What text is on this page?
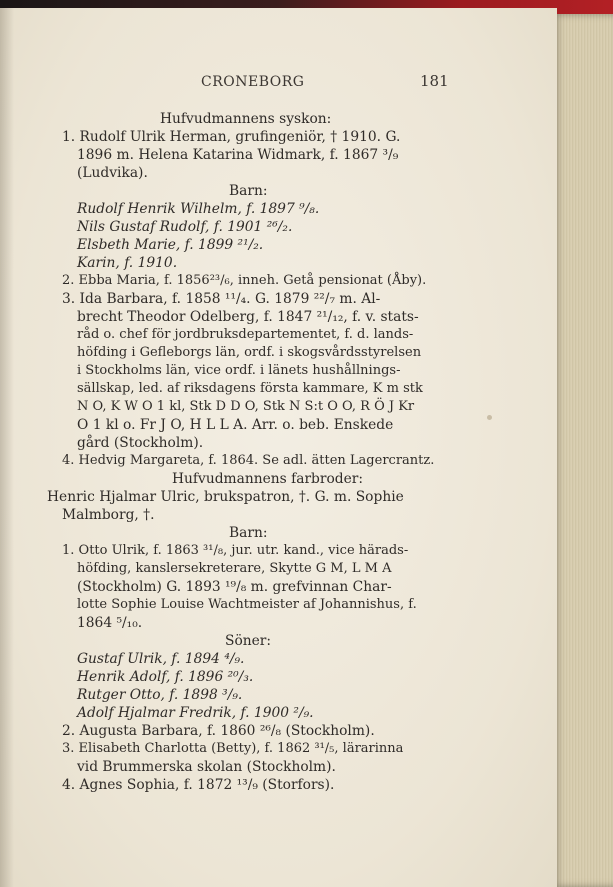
CRONEBORG	181
Hufvudmannens syskon:
1. Rudolf Ulrik Herman, grufingeniör, † 1910. G.
1896 m. Helena Katarina Widmark, f. 1867 ³/₉
(Ludvika).
Barn:
Rudolf Henrik Wilhelm, f. 1897 ⁹/₈.
Nils Gustaf Rudolf, f. 1901 ²⁶/₂.
Elsbeth Marie, f. 1899 ²¹/₂.
Karin, f. 1910.
2. Ebba Maria, f. 1856²³/₆, inneh. Getå pensionat (Åby).
3. Ida Barbara, f. 1858 ¹¹/₄. G. 1879 ²²/₇ m. Al-
brecht Theodor Odelberg, f. 1847 ²¹/₁₂, f. v. stats-
råd o. chef för jordbruksdepartementet, f. d. lands-
höfding i Gefleborgs län, ordf. i skogsvårdsstyrelsen
i Stockholms län, vice ordf. i länets hushållnings-
sällskap, led. af riksdagens första kammare, K m stk
N O, K W O 1 kl, Stk D D O, Stk N S:t O O, R Ö J Kr
O 1 kl o. Fr J O, H L L A. Arr. o. beb. Enskede
gård (Stockholm).
4. Hedvig Margareta, f. 1864. Se adl. ätten Lagercrantz.
Hufvudmannens farbroder:
Henric Hjalmar Ulric, brukspatron, †. G. m. Sophie
Malmborg, †.
Barn:
1. Otto Ulrik, f. 1863 ³¹/₈, jur. utr. kand., vice härads-
höfding, kanslersekreterare, Skytte G M, L M A
(Stockholm) G. 1893 ¹⁹/₈ m. grefvinnan Char-
lotte Sophie Louise Wachtmeister af Johannishus, f.
1864 ⁵/₁₀.
Söner:
Gustaf Ulrik, f. 1894 ⁴/₉.
Henrik Adolf, f. 1896 ²⁰/₃.
Rutger Otto, f. 1898 ³/₉.
Adolf Hjalmar Fredrik, f. 1900 ²/₉.
2. Augusta Barbara, f. 1860 ²⁶/₈ (Stockholm).
3. Elisabeth Charlotta (Betty), f. 1862 ³¹/₅, lärarinna
vid Brummerska skolan (Stockholm).
4. Agnes Sophia, f. 1872 ¹³/₉ (Storfors).
